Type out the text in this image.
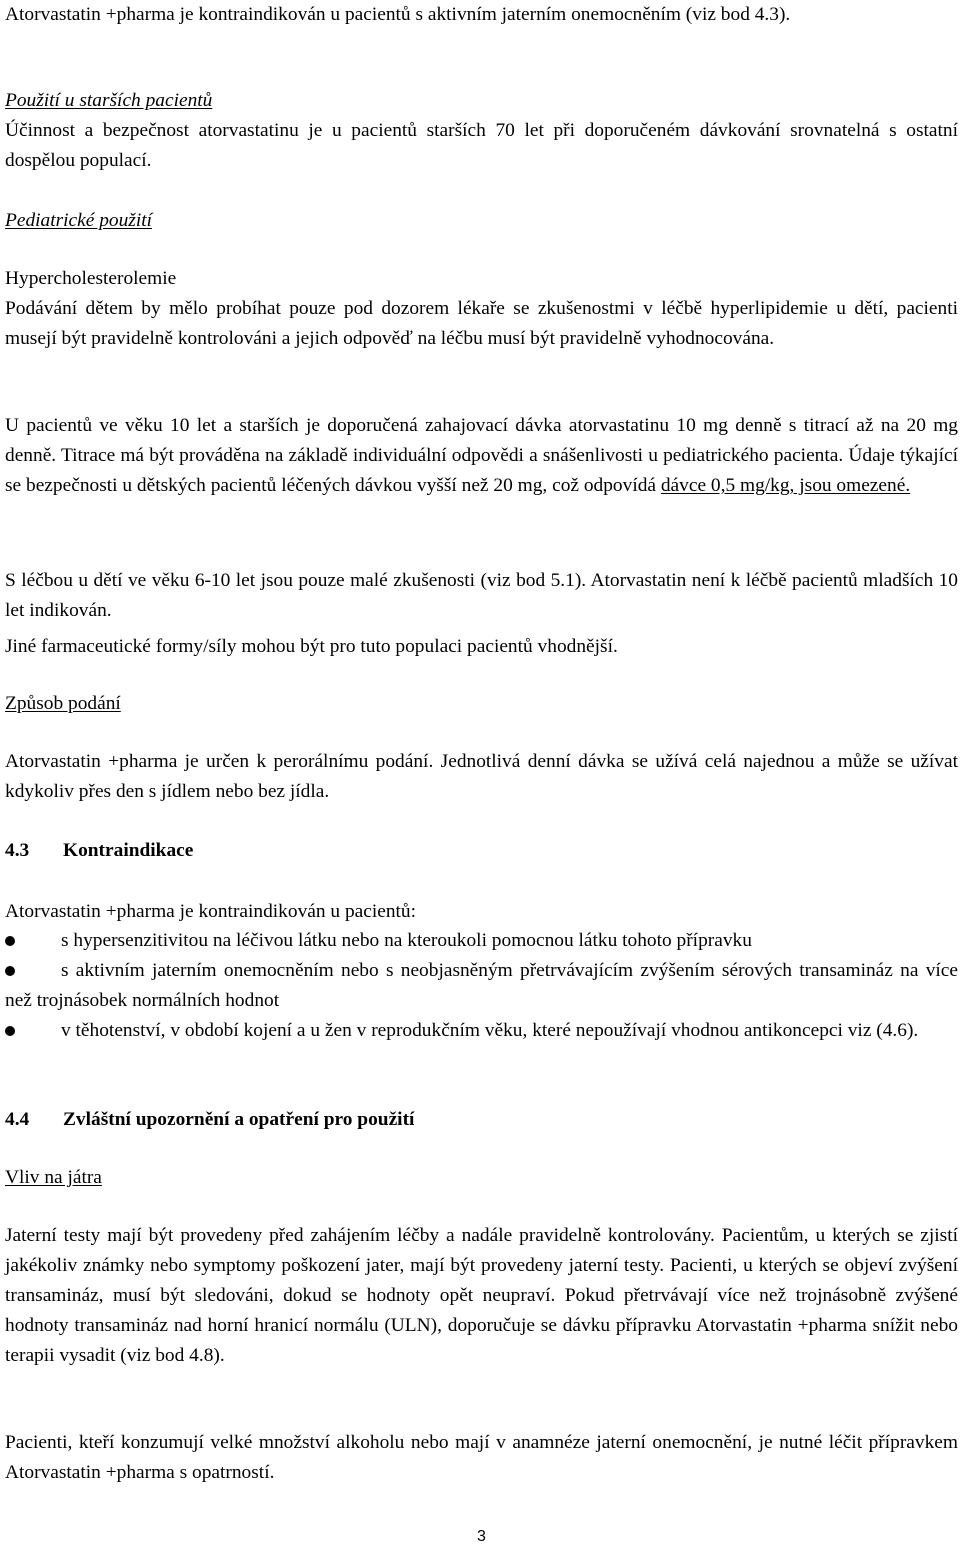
Atorvastatin +pharma je kontraindikován u pacientů s aktivním jaterním onemocněním (viz bod 4.3).

Použití u starších pacientů

Účinnost a bezpečnost atorvastatinu je u pacientů starších 70 let při doporučeném dávkování srovnatelná s ostatní dospělou populací.

Pediatrické použití

Hypercholesterolemie

Podávání dětem by mělo probíhat pouze pod dozorem lékaře se zkušenostmi v léčbě hyperlipidemie u dětí, pacienti musejí být pravidelně kontrolováni a jejich odpověď na léčbu musí být pravidelně vyhodnocována.

U pacientů ve věku 10 let a starších je doporučená zahajovací dávka atorvastatinu 10 mg denně s titrací až na 20 mg denně. Titrace má být prováděna na základě individuální odpovědi a snášenlivosti u pediatrického pacienta. Údaje týkající se bezpečnosti u dětských pacientů léčených dávkou vyšší než 20 mg, což odpovídá dávce 0,5 mg/kg, jsou omezené.

S léčbou u dětí ve věku 6-10 let jsou pouze malé zkušenosti (viz bod 5.1). Atorvastatin není k léčbě pacientů mladších 10 let indikován.

Jiné farmaceutické formy/síly mohou být pro tuto populaci pacientů vhodnější.

Způsob podání

Atorvastatin +pharma je určen k perorálnímu podání. Jednotlivá denní dávka se užívá celá najednou a může se užívat kdykoliv přes den s jídlem nebo bez jídla.

4.3 Kontraindikace

Atorvastatin +pharma je kontraindikován u pacientů:

s hypersenzitivitou na léčivou látku nebo na kteroukoli pomocnou látku tohoto přípravku

s aktivním jaterním onemocněním nebo s neobjasněným přetrvávajícím zvýšením sérových transamináz na více než trojnásobek normálních hodnot

v těhotenství, v období kojení a u žen v reprodukčním věku, které nepoužívají vhodnou antikoncepci viz (4.6).

4.4 Zvláštní upozornění a opatření pro použití

Vliv na játra

Jaterní testy mají být provedeny před zahájením léčby a nadále pravidelně kontrolovány. Pacientům, u kterých se zjistí jakékoliv známky nebo symptomy poškození jater, mají být provedeny jaterní testy. Pacienti, u kterých se objeví zvýšení transamináz, musí být sledováni, dokud se hodnoty opět neupraví. Pokud přetrvávají více než trojnásobně zvýšené hodnoty transamináz nad horní hranicí normálu (ULN), doporučuje se dávku přípravku Atorvastatin +pharma snížit nebo terapii vysadit (viz bod 4.8).

Pacienti, kteří konzumují velké množství alkoholu nebo mají v anamnéze jaterní onemocnění, je nutné léčit přípravkem Atorvastatin +pharma s opatrností.

3
